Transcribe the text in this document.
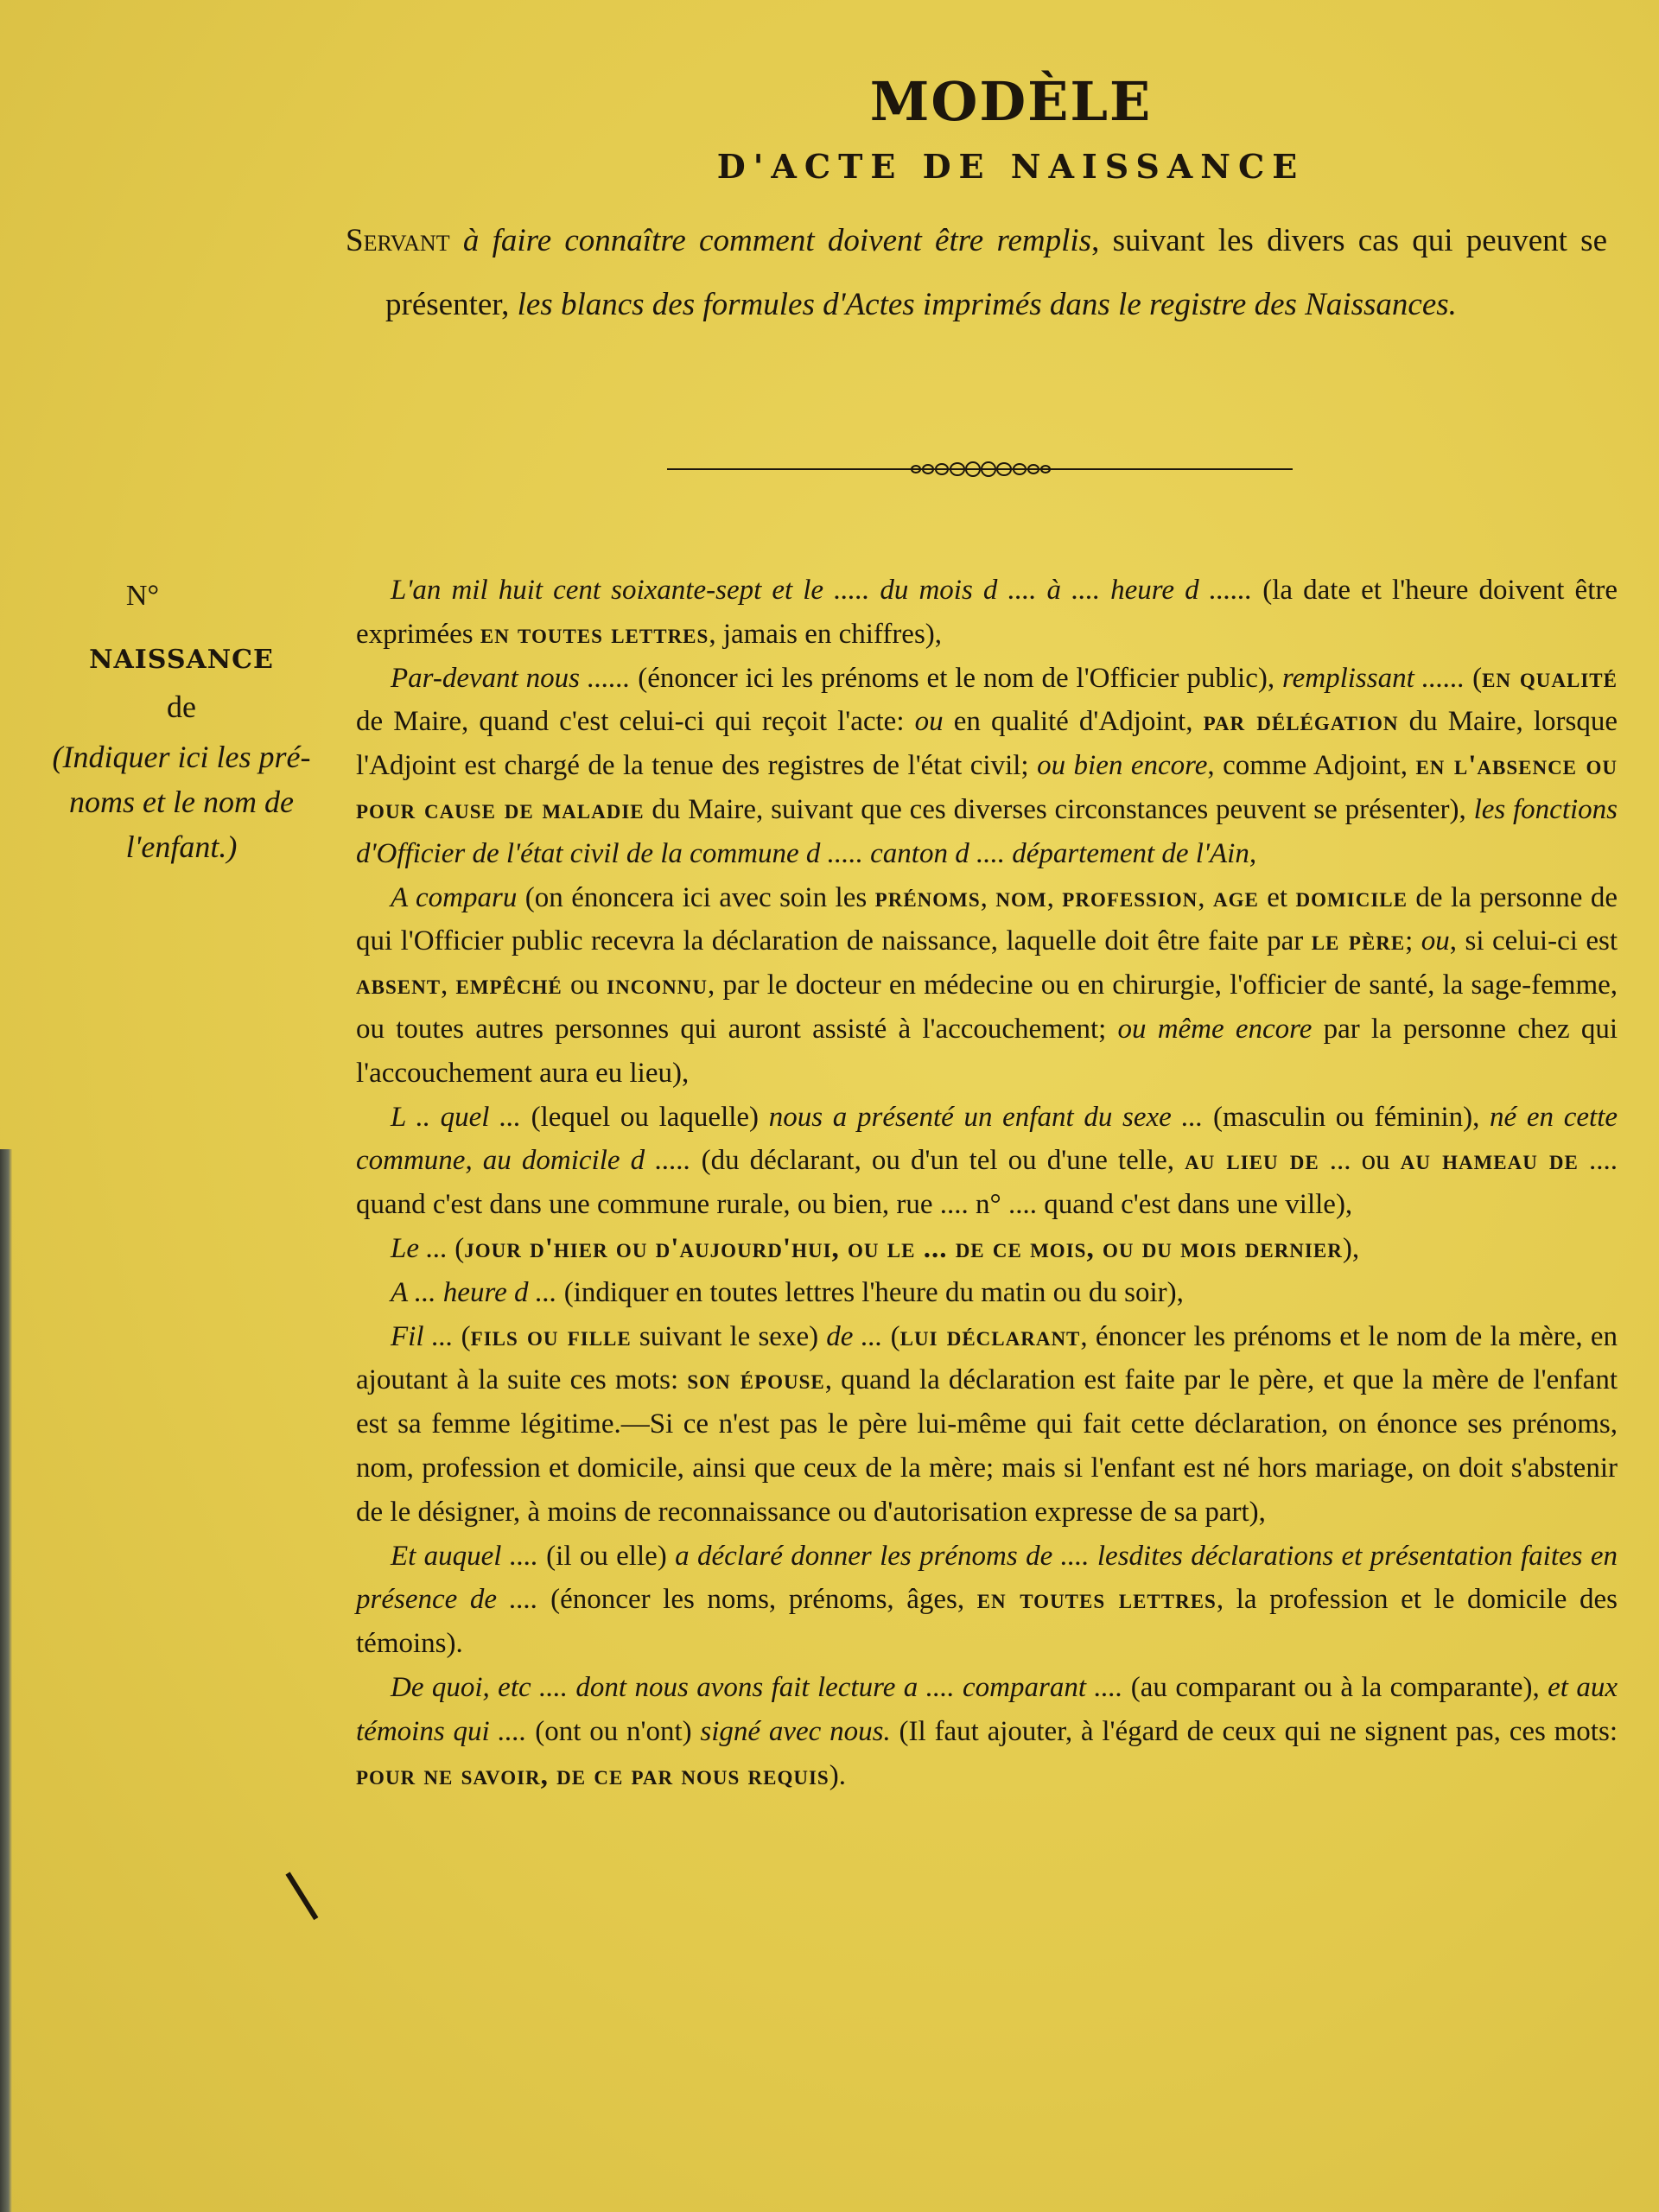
MODÈLE
D'ACTE DE NAISSANCE

Servant à faire connaître comment doivent être remplis, suivant les divers cas qui peuvent se présenter, les blancs des formules d'Actes imprimés dans le registre des Naissances.

N°
NAISSANCE
de
(Indiquer ici les pré- noms et le nom de l'enfant.)

L'an mil huit cent soixante-sept et le ..... du mois d .... à .... heure d ...... (la date et l'heure doivent être exprimées en toutes lettres, jamais en chiffres),

Par-devant nous ...... (énoncer ici les prénoms et le nom de l'Officier public), remplissant ...... (en qualité de Maire, quand c'est celui-ci qui reçoit l'acte: ou en qualité d'Adjoint, par délégation du Maire, lorsque l'Adjoint est chargé de la tenue des registres de l'état civil; ou bien encore, comme Adjoint, en l'absence ou pour cause de maladie du Maire, suivant que ces diverses circonstances peuvent se présenter), les fonctions d'Officier de l'état civil de la commune d ..... canton d .... département de l'Ain,

A comparu (on énoncera ici avec soin les prénoms, nom, profession, age et domicile de la personne de qui l'Officier public recevra la déclaration de naissance, laquelle doit être faite par le père; ou, si celui-ci est absent, empêché ou inconnu, par le docteur en médecine ou en chirurgie, l'officier de santé, la sage-femme, ou toutes autres personnes qui auront assisté à l'accouchement; ou même encore par la personne chez qui l'accouchement aura eu lieu),

L .. quel ... (lequel ou laquelle) nous a présenté un enfant du sexe ... (masculin ou féminin), né en cette commune, au domicile d ..... (du déclarant, ou d'un tel ou d'une telle, au lieu de ... ou au hameau de .... quand c'est dans une commune rurale, ou bien, rue .... n° .... quand c'est dans une ville),

Le ... (jour d'hier ou d'aujourd'hui, ou le ... de ce mois, ou du mois dernier),

A ... heure d ... (indiquer en toutes lettres l'heure du matin ou du soir),

Fil ... (fils ou fille suivant le sexe) de ... (lui déclarant, énoncer les prénoms et le nom de la mère, en ajoutant à la suite ces mots: son épouse, quand la déclaration est faite par le père, et que la mère de l'enfant est sa femme légitime.—Si ce n'est pas le père lui-même qui fait cette déclaration, on énonce ses prénoms, nom, profession et domicile, ainsi que ceux de la mère; mais si l'enfant est né hors mariage, on doit s'abstenir de le désigner, à moins de reconnaissance ou d'autorisation expresse de sa part),

Et auquel .... (il ou elle) a déclaré donner les prénoms de .... lesdites déclarations et présentation faites en présence de .... (énoncer les noms, prénoms, âges, en toutes lettres, la profession et le domicile des témoins).

De quoi, etc .... dont nous avons fait lecture a .... comparant .... (au comparant ou à la comparante), et aux témoins qui .... (ont ou n'ont) signé avec nous. (Il faut ajouter, à l'égard de ceux qui ne signent pas, ces mots: pour ne savoir, de ce par nous requis).
